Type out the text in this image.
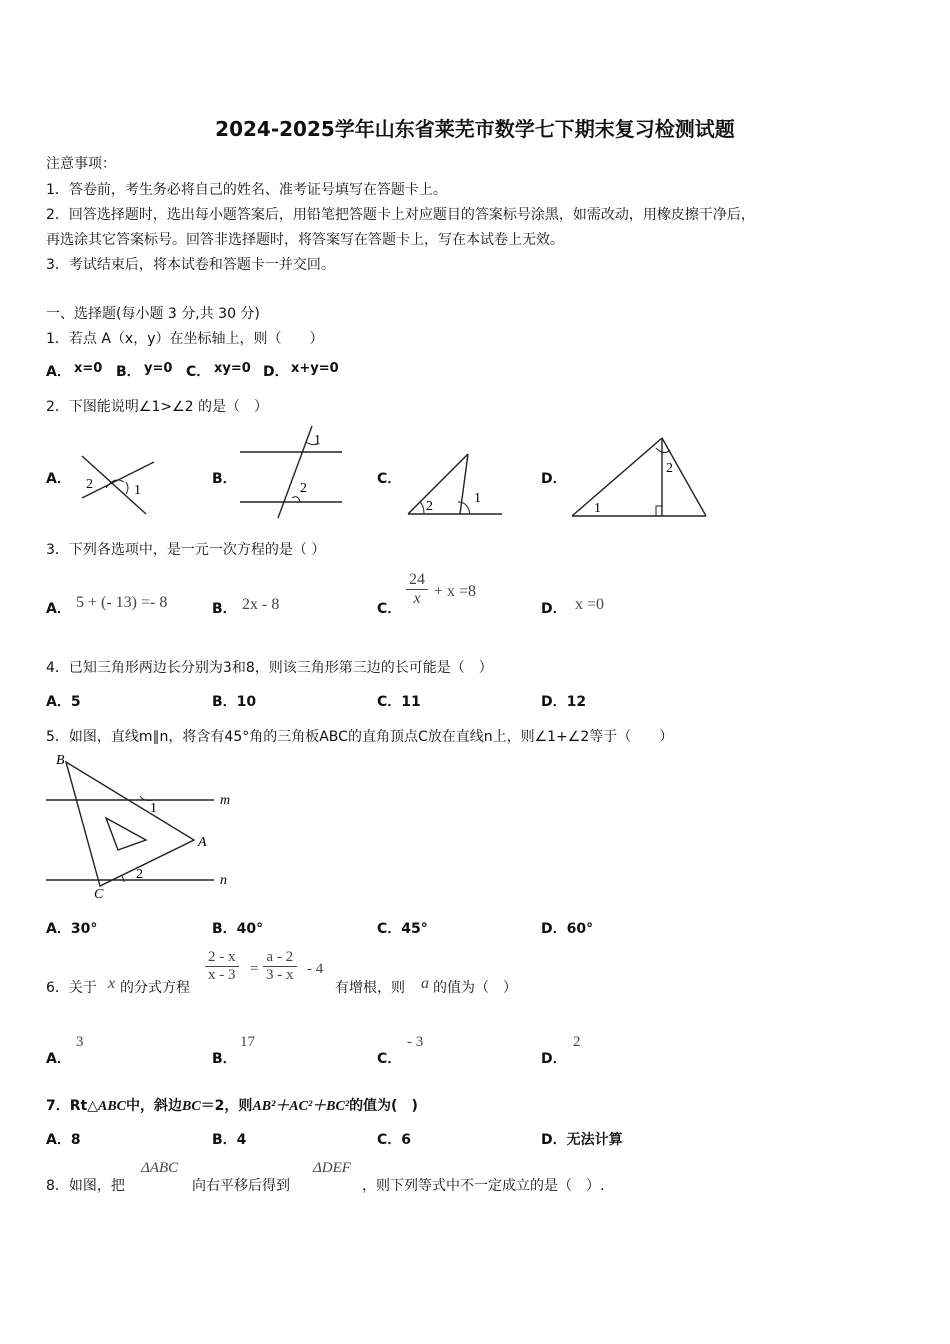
2024-2025学年山东省莱芜市数学七下期末复习检测试题
注意事项：
1．答卷前，考生务必将自己的姓名、准考证号填写在答题卡上。
2．回答选择题时，选出每小题答案后，用铅笔把答题卡上对应题目的答案标号涂黑，如需改动，用橡皮擦干净后，
再选涂其它答案标号。回答非选择题时，将答案写在答题卡上，写在本试卷上无效。
3．考试结束后，将本试卷和答题卡一并交回。
一、选择题(每小题 3 分,共 30 分)
1．若点 A（x，y）在坐标轴上，则（　　）
A． x=0 B． y=0 C． xy=0 D． x+y=0
2．下图能说明∠1>∠2 的是（　）
A．	B．	C．	D．
2	1
1
2
2
1
2
1
3．下列各选项中，是一元一次方程的是（ ）
A． 5 + (- 13) =- 8	B． 2x - 8	C．
$\frac{24}{x} + x =8$
D． x =0
4．已知三角形两边长分别为3和8，则该三角形第三边的长可能是（　）
A．5	B．10	C．11	D．12
5．如图，直线m∥n，将含有45°角的三角板ABC的直角顶点C放在直线n上，则∠1+∠2等于（　　）
B
A
C
m
n
1
2
A．30°	B．40°	C．45°	D．60°
6．关于 x 的分式方程
$\frac{2 - x}{x - 3} = \frac{a - 2}{3 - x} - 4$
有增根，则 a 的值为（　）
A．
3
B．
17
C．
- 3
D．
2
7．Rt△ABC中，斜边BC＝2，则AB²＋AC²＋BC²的值为(　)
A．8	B．4	C．6	D．无法计算
8．如图，把
ΔABC
向右平移后得到
ΔDEF
，则下列等式中不一定成立的是（　）.
